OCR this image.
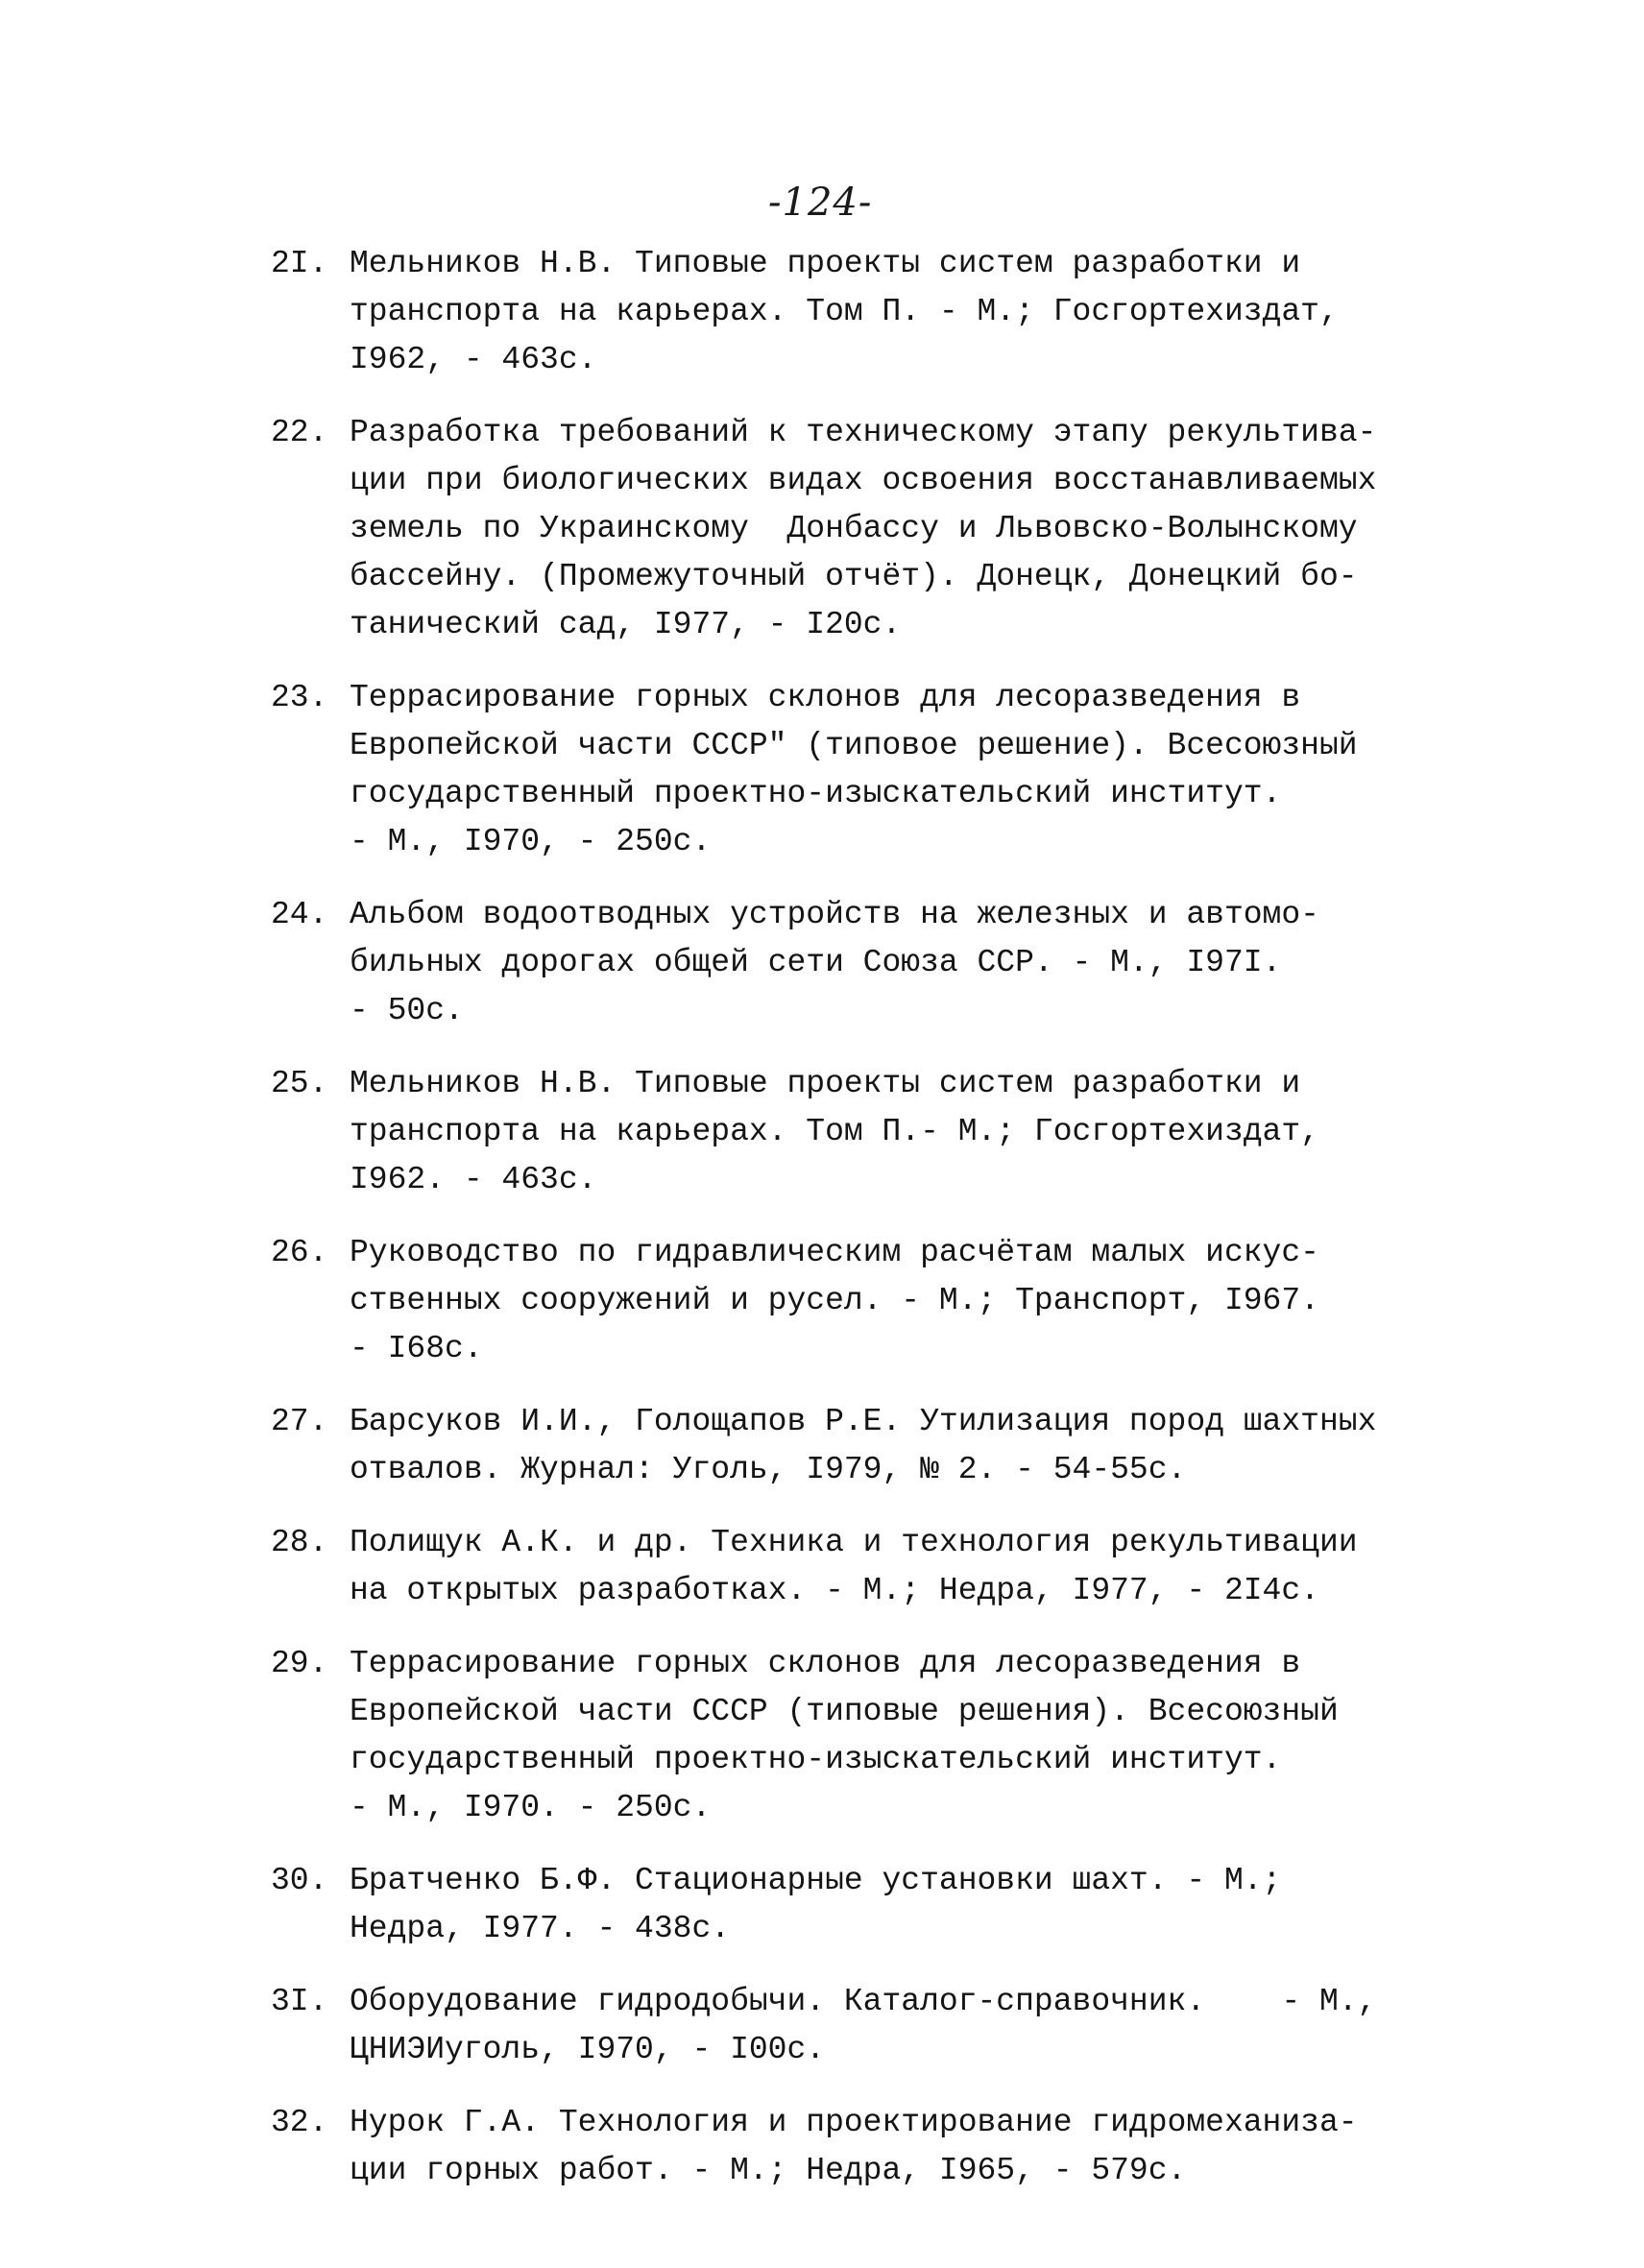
-124-
2I. Мельников Н.В. Типовые проекты систем разработки и
транспорта на карьерах. Том П. - М.; Госгортехиздат,
I962, - 463с.
22. Разработка требований к техническому этапу рекультива-
ции при биологических видах освоения восстанавливаемых
земель по Украинскому  Донбассу и Львовско-Волынскому
бассейну. (Промежуточный отчёт). Донецк, Донецкий бо-
танический сад, I977, - I20с.
23. Террасирование горных склонов для лесоразведения в
Европейской части СССР" (типовое решение). Всесоюзный
государственный проектно-изыскательский институт.
- М., I970, - 250с.
24. Альбом водоотводных устройств на железных и автомо-
бильных дорогах общей сети Союза ССР. - М., I97I.
- 50с.
25. Мельников Н.В. Типовые проекты систем разработки и
транспорта на карьерах. Том П.- М.; Госгортехиздат,
I962. - 463с.
26. Руководство по гидравлическим расчётам малых искус-
ственных сооружений и русел. - М.; Транспорт, I967.
- I68с.
27. Барсуков И.И., Голощапов Р.Е. Утилизация пород шахтных
отвалов. Журнал: Уголь, I979, № 2. - 54-55с.
28. Полищук А.К. и др. Техника и технология рекультивации
на открытых разработках. - М.; Недра, I977, - 2I4с.
29. Террасирование горных склонов для лесоразведения в
Европейской части СССР (типовые решения). Всесоюзный
государственный проектно-изыскательский институт.
- М., I970. - 250с.
30. Братченко Б.Ф. Стационарные установки шахт. - М.;
Недра, I977. - 438с.
3I. Оборудование гидродобычи. Каталог-справочник.    - М.,
ЦНИЭИуголь, I970, - I00с.
32. Нурок Г.А. Технология и проектирование гидромеханиза-
ции горных работ. - М.; Недра, I965, - 579с.
